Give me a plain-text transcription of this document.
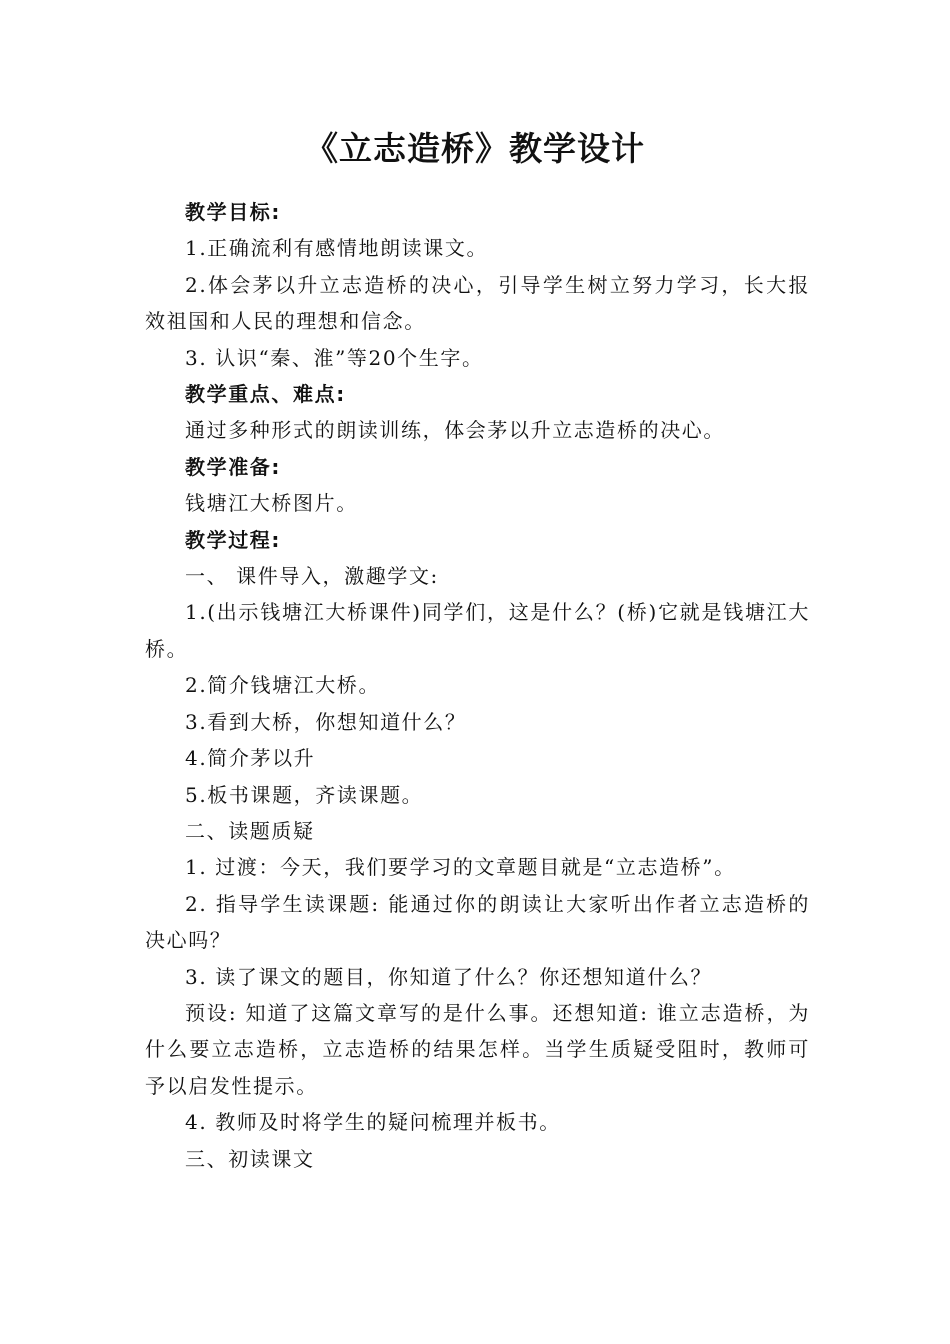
《立志造桥》教学设计

教学目标:

1.正确流利有感情地朗读课文。

2.体会茅以升立志造桥的决心，引导学生树立努力学习，长大报效祖国和人民的理想和信念。

3. 认识“秦、淮”等20个生字。

教学重点、难点:

通过多种形式的朗读训练，体会茅以升立志造桥的决心。

教学准备:

钱塘江大桥图片。

教学过程:

一、 课件导入，激趣学文:

1.(出示钱塘江大桥课件)同学们，这是什么？(桥)它就是钱塘江大桥。

2.简介钱塘江大桥。

3.看到大桥，你想知道什么？

4.简介茅以升

5.板书课题，齐读课题。

二、读题质疑

1. 过渡：今天，我们要学习的文章题目就是“立志造桥”。

2. 指导学生读课题: 能通过你的朗读让大家听出作者立志造桥的决心吗？

3. 读了课文的题目，你知道了什么？你还想知道什么？

预设: 知道了这篇文章写的是什么事。还想知道: 谁立志造桥，为什么要立志造桥，立志造桥的结果怎样。当学生质疑受阻时，教师可予以启发性提示。

4. 教师及时将学生的疑问梳理并板书。

三、初读课文
